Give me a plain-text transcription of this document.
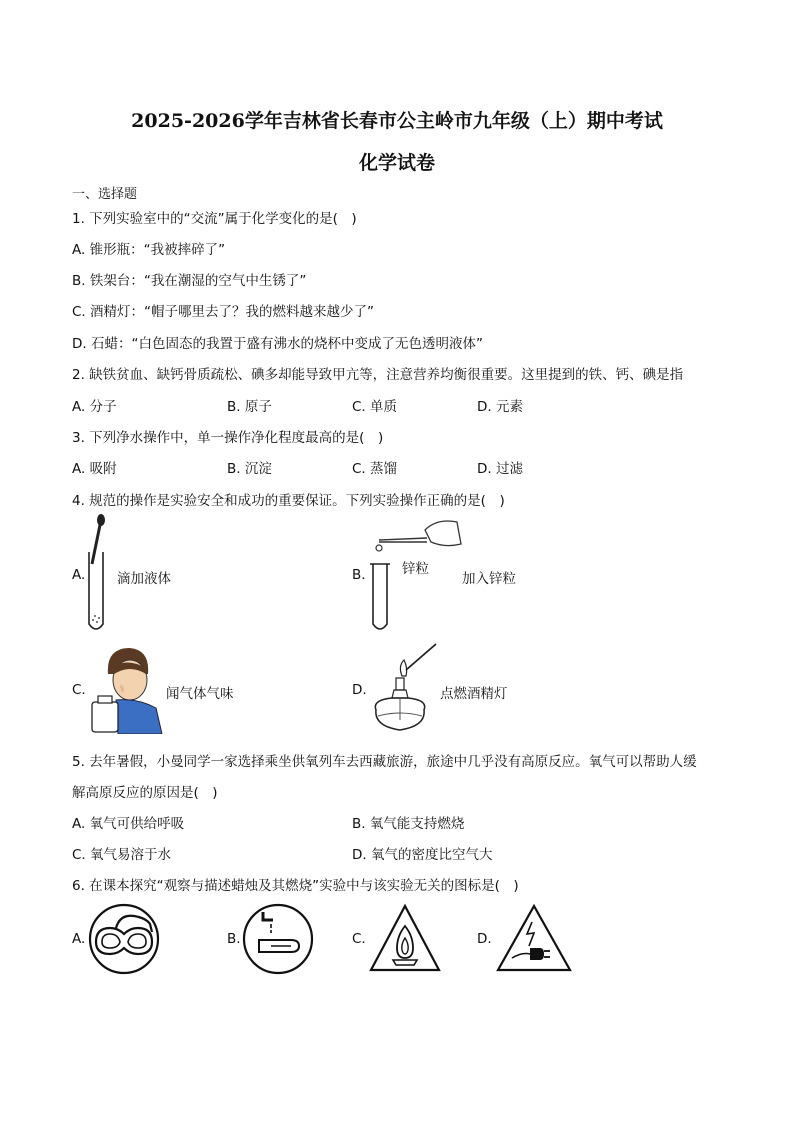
2025-2026学年吉林省长春市公主岭市九年级（上）期中考试
化学试卷
一、选择题
1. 下列实验室中的“交流”属于化学变化的是(　)
A. 锥形瓶：“我被摔碎了”
B. 铁架台：“我在潮湿的空气中生锈了”
C. 酒精灯：“帽子哪里去了？我的燃料越来越少了”
D. 石蜡：“白色固态的我置于盛有沸水的烧杯中变成了无色透明液体”
2. 缺铁贫血、缺钙骨质疏松、碘多却能导致甲亢等，注意营养均衡很重要。这里提到的铁、钙、碘是指
A. 分子	B. 原子	C. 单质	D. 元素
3. 下列净水操作中，单一操作净化程度最高的是(　)
A. 吸附	B. 沉淀	C. 蒸馏	D. 过滤
4. 规范的操作是实验安全和成功的重要保证。下列实验操作正确的是(　)
A. 滴加液体	B.	锌粒
加入锌粒
C.	闻气体气味	D.	点燃酒精灯
5. 去年暑假，小曼同学一家选择乘坐供氧列车去西藏旅游，旅途中几乎没有高原反应。氧气可以帮助人缓
解高原反应的原因是(　)
A. 氧气可供给呼吸	B. 氧气能支持燃烧
C. 氧气易溶于水	D. 氧气的密度比空气大
6. 在课本探究“观察与描述蜡烛及其燃烧”实验中与该实验无关的图标是(　)
A.	B.	C.	D.
